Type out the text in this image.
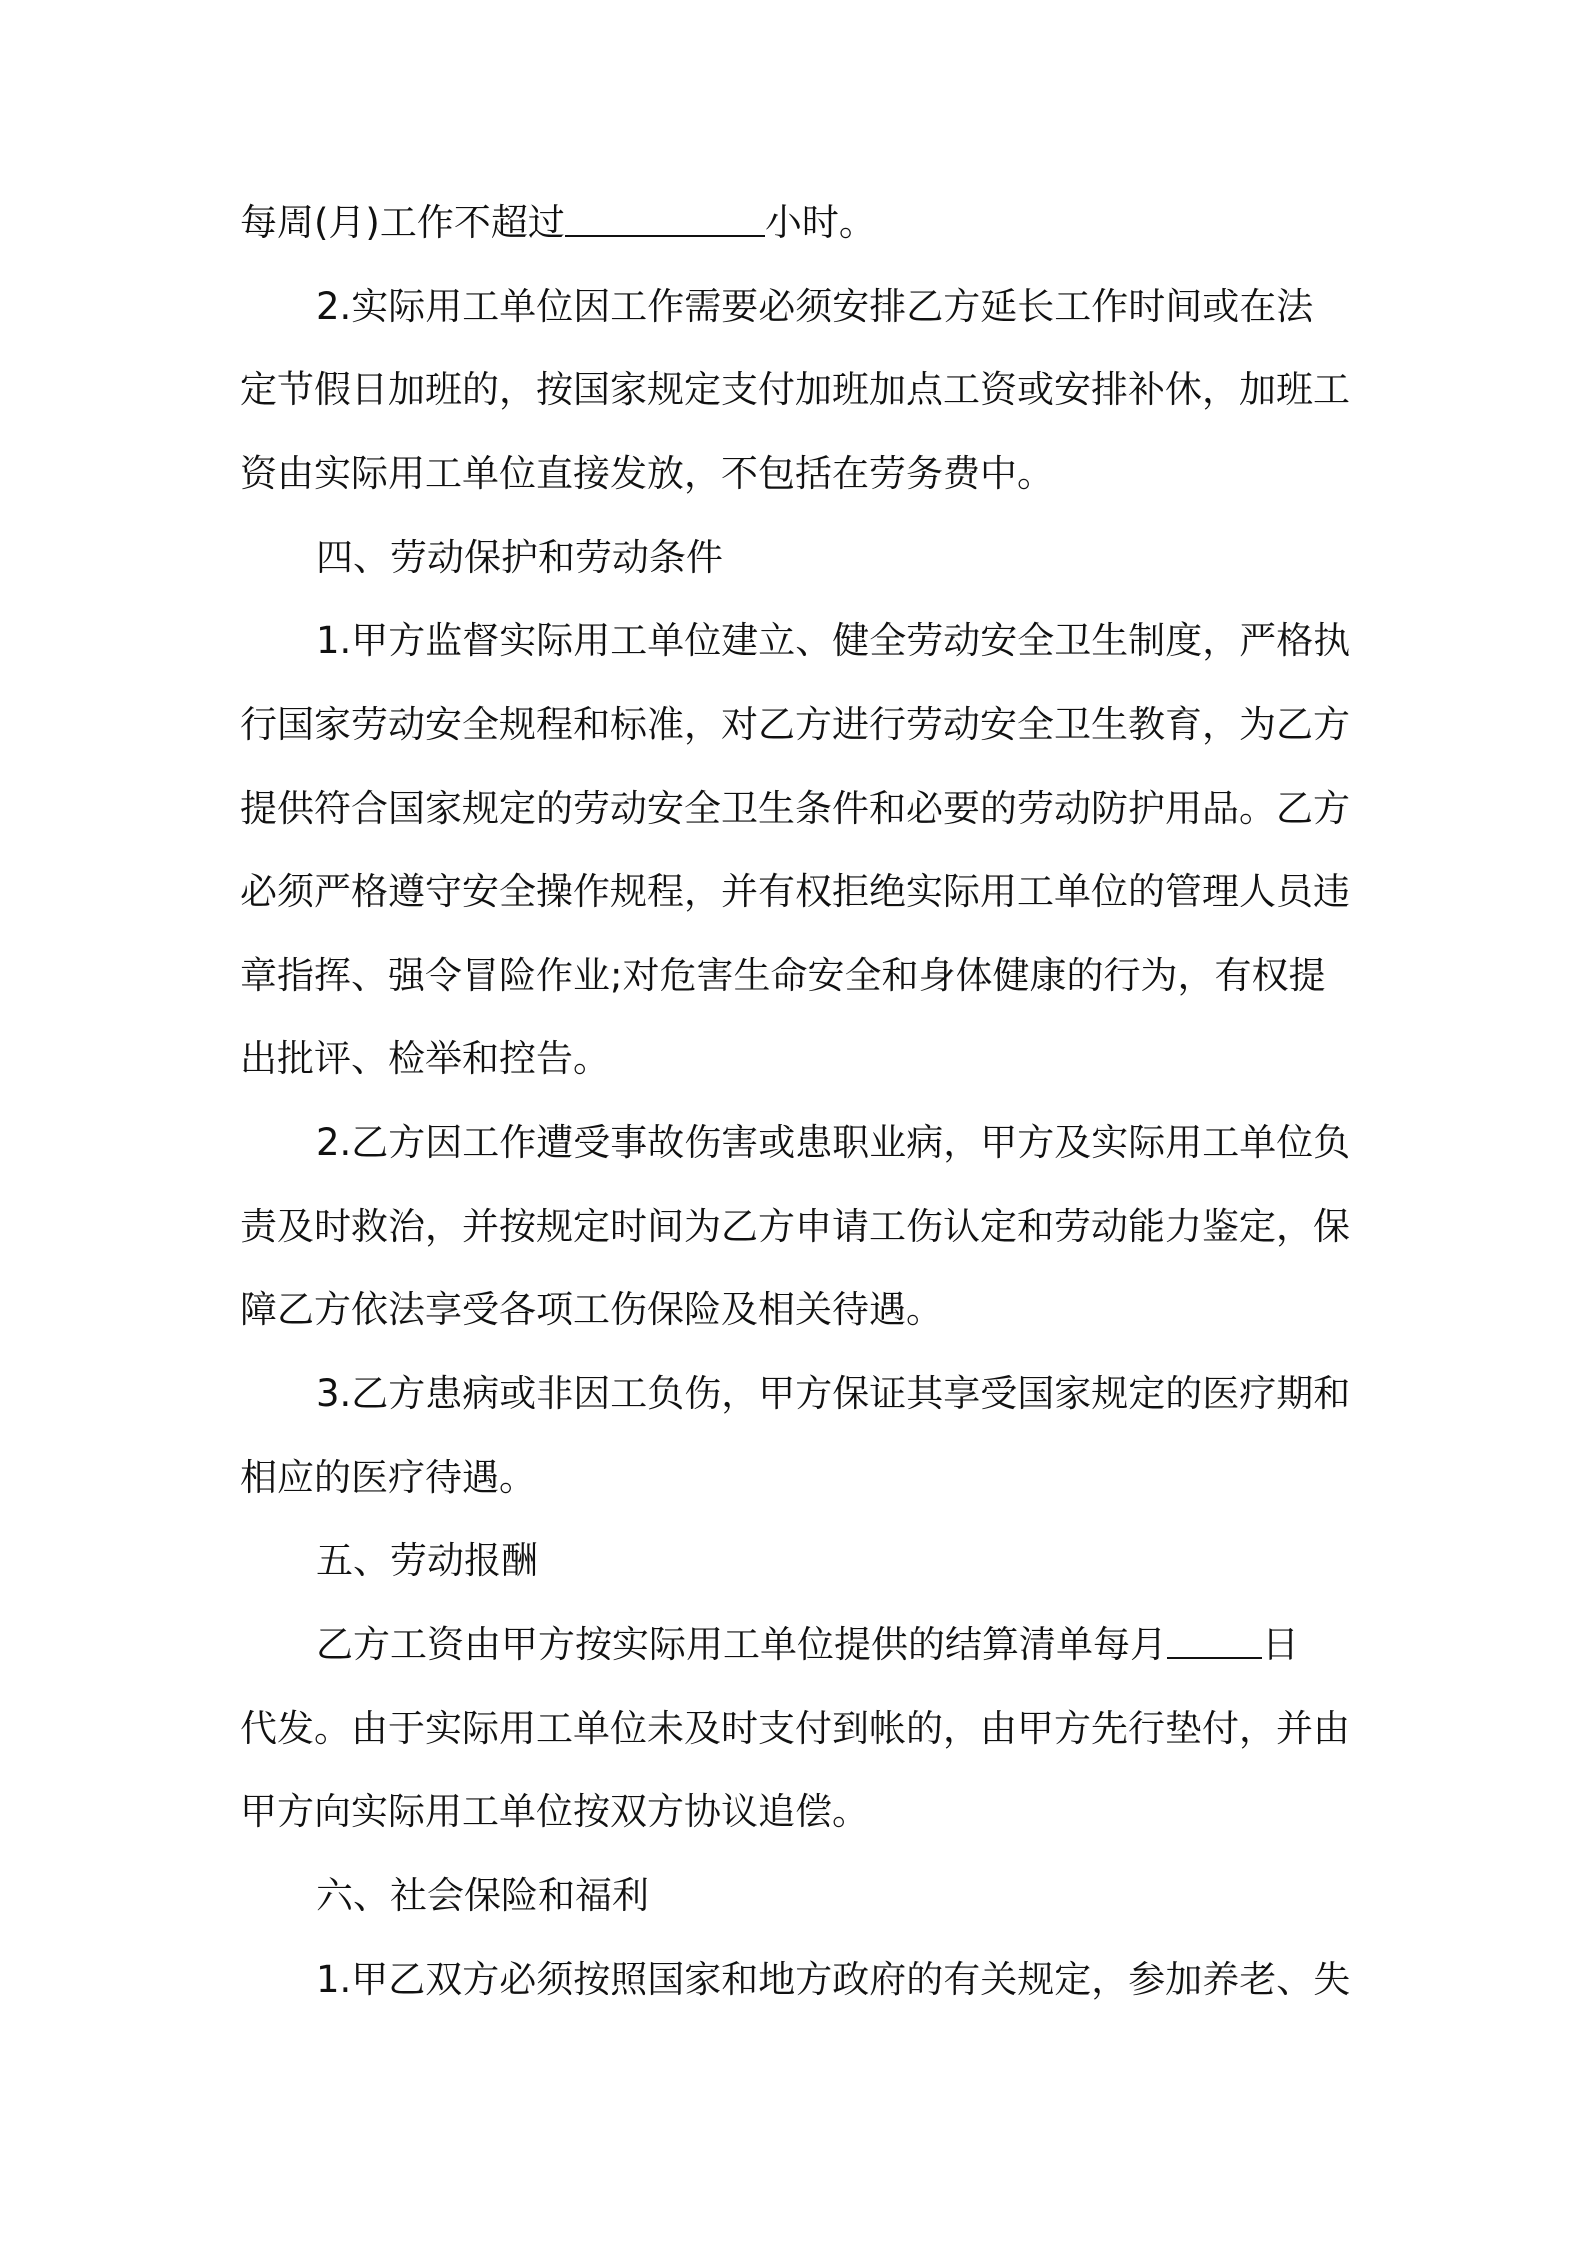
每周(月)工作不超过	小时。
2.实际用工单位因工作需要必须安排乙方延长工作时间或在法
定节假日加班的，按国家规定支付加班加点工资或安排补休，加班工
资由实际用工单位直接发放，不包括在劳务费中。
四、劳动保护和劳动条件
1.甲方监督实际用工单位建立、健全劳动安全卫生制度，严格执
行国家劳动安全规程和标准，对乙方进行劳动安全卫生教育，为乙方
提供符合国家规定的劳动安全卫生条件和必要的劳动防护用品。乙方
必须严格遵守安全操作规程，并有权拒绝实际用工单位的管理人员违
章指挥、强令冒险作业;对危害生命安全和身体健康的行为，有权提
出批评、检举和控告。
2.乙方因工作遭受事故伤害或患职业病，甲方及实际用工单位负
责及时救治，并按规定时间为乙方申请工伤认定和劳动能力鉴定，保
障乙方依法享受各项工伤保险及相关待遇。
3.乙方患病或非因工负伤，甲方保证其享受国家规定的医疗期和
相应的医疗待遇。
五、劳动报酬
乙方工资由甲方按实际用工单位提供的结算清单每月	日
代发。由于实际用工单位未及时支付到帐的，由甲方先行垫付，并由
甲方向实际用工单位按双方协议追偿。
六、社会保险和福利
1.甲乙双方必须按照国家和地方政府的有关规定，参加养老、失
